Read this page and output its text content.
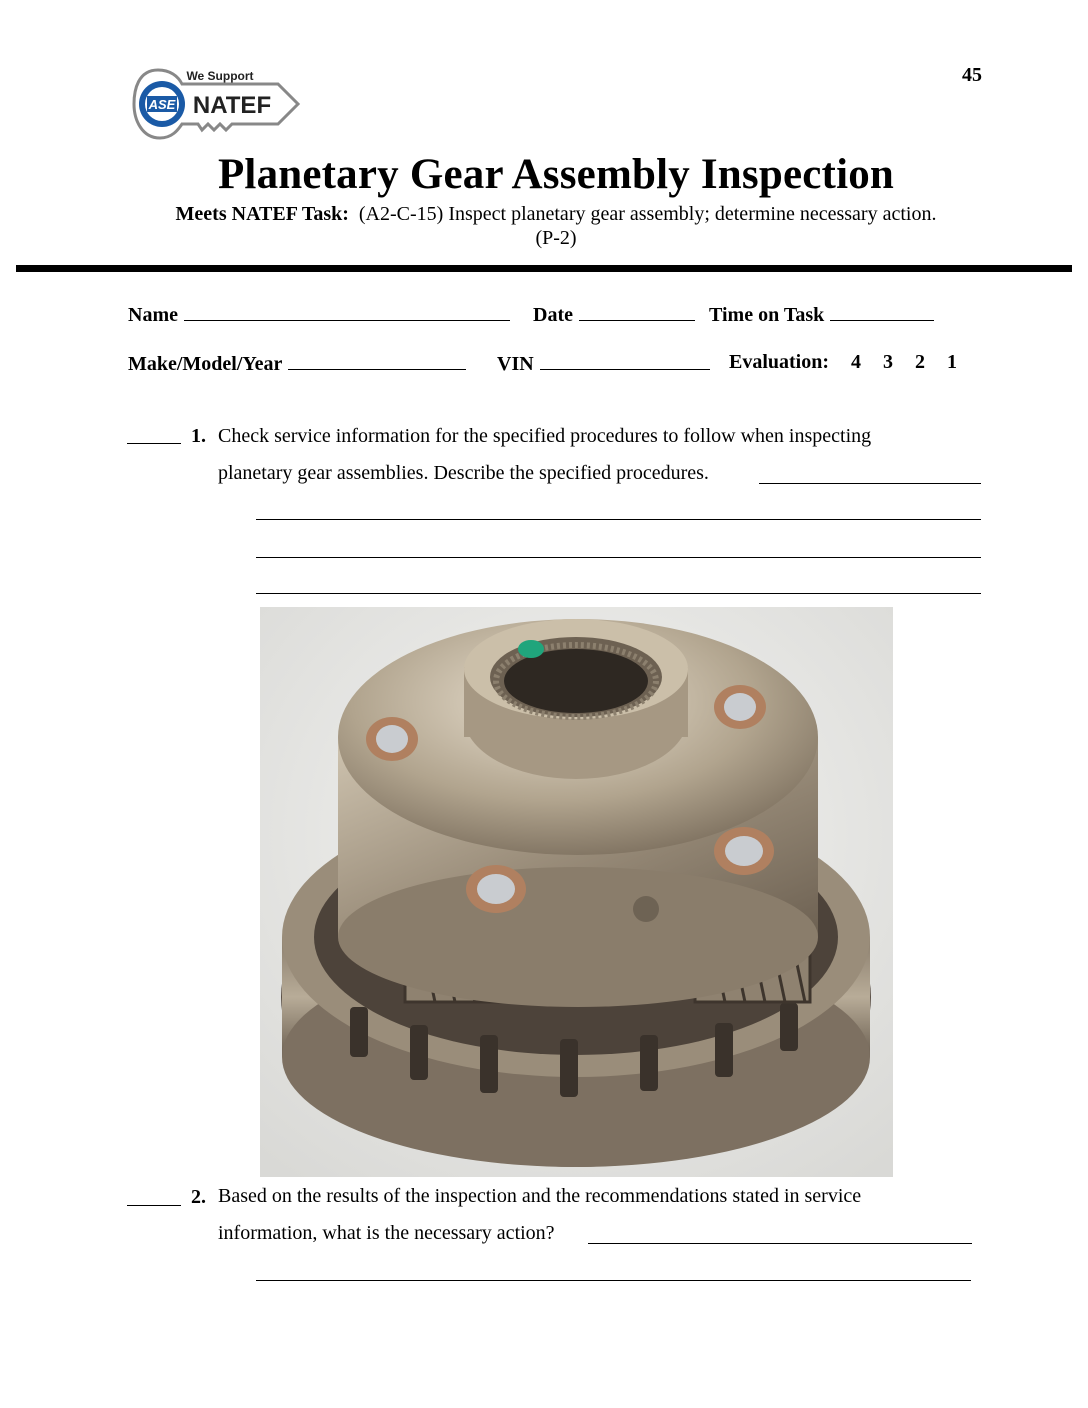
45
ASE
We Support
NATEF
Planetary Gear Assembly Inspection
Meets NATEF Task: (A2-C-15) Inspect planetary gear assembly; determine necessary action.
(P-2)
Name	Date	Time on Task
Make/Model/Year	VIN	Evaluation: 4 3 2 1
1. Check service information for the specified procedures to follow when inspecting
planetary gear assemblies. Describe the specified procedures.
2. Based on the results of the inspection and the recommendations stated in service
information, what is the necessary action?
